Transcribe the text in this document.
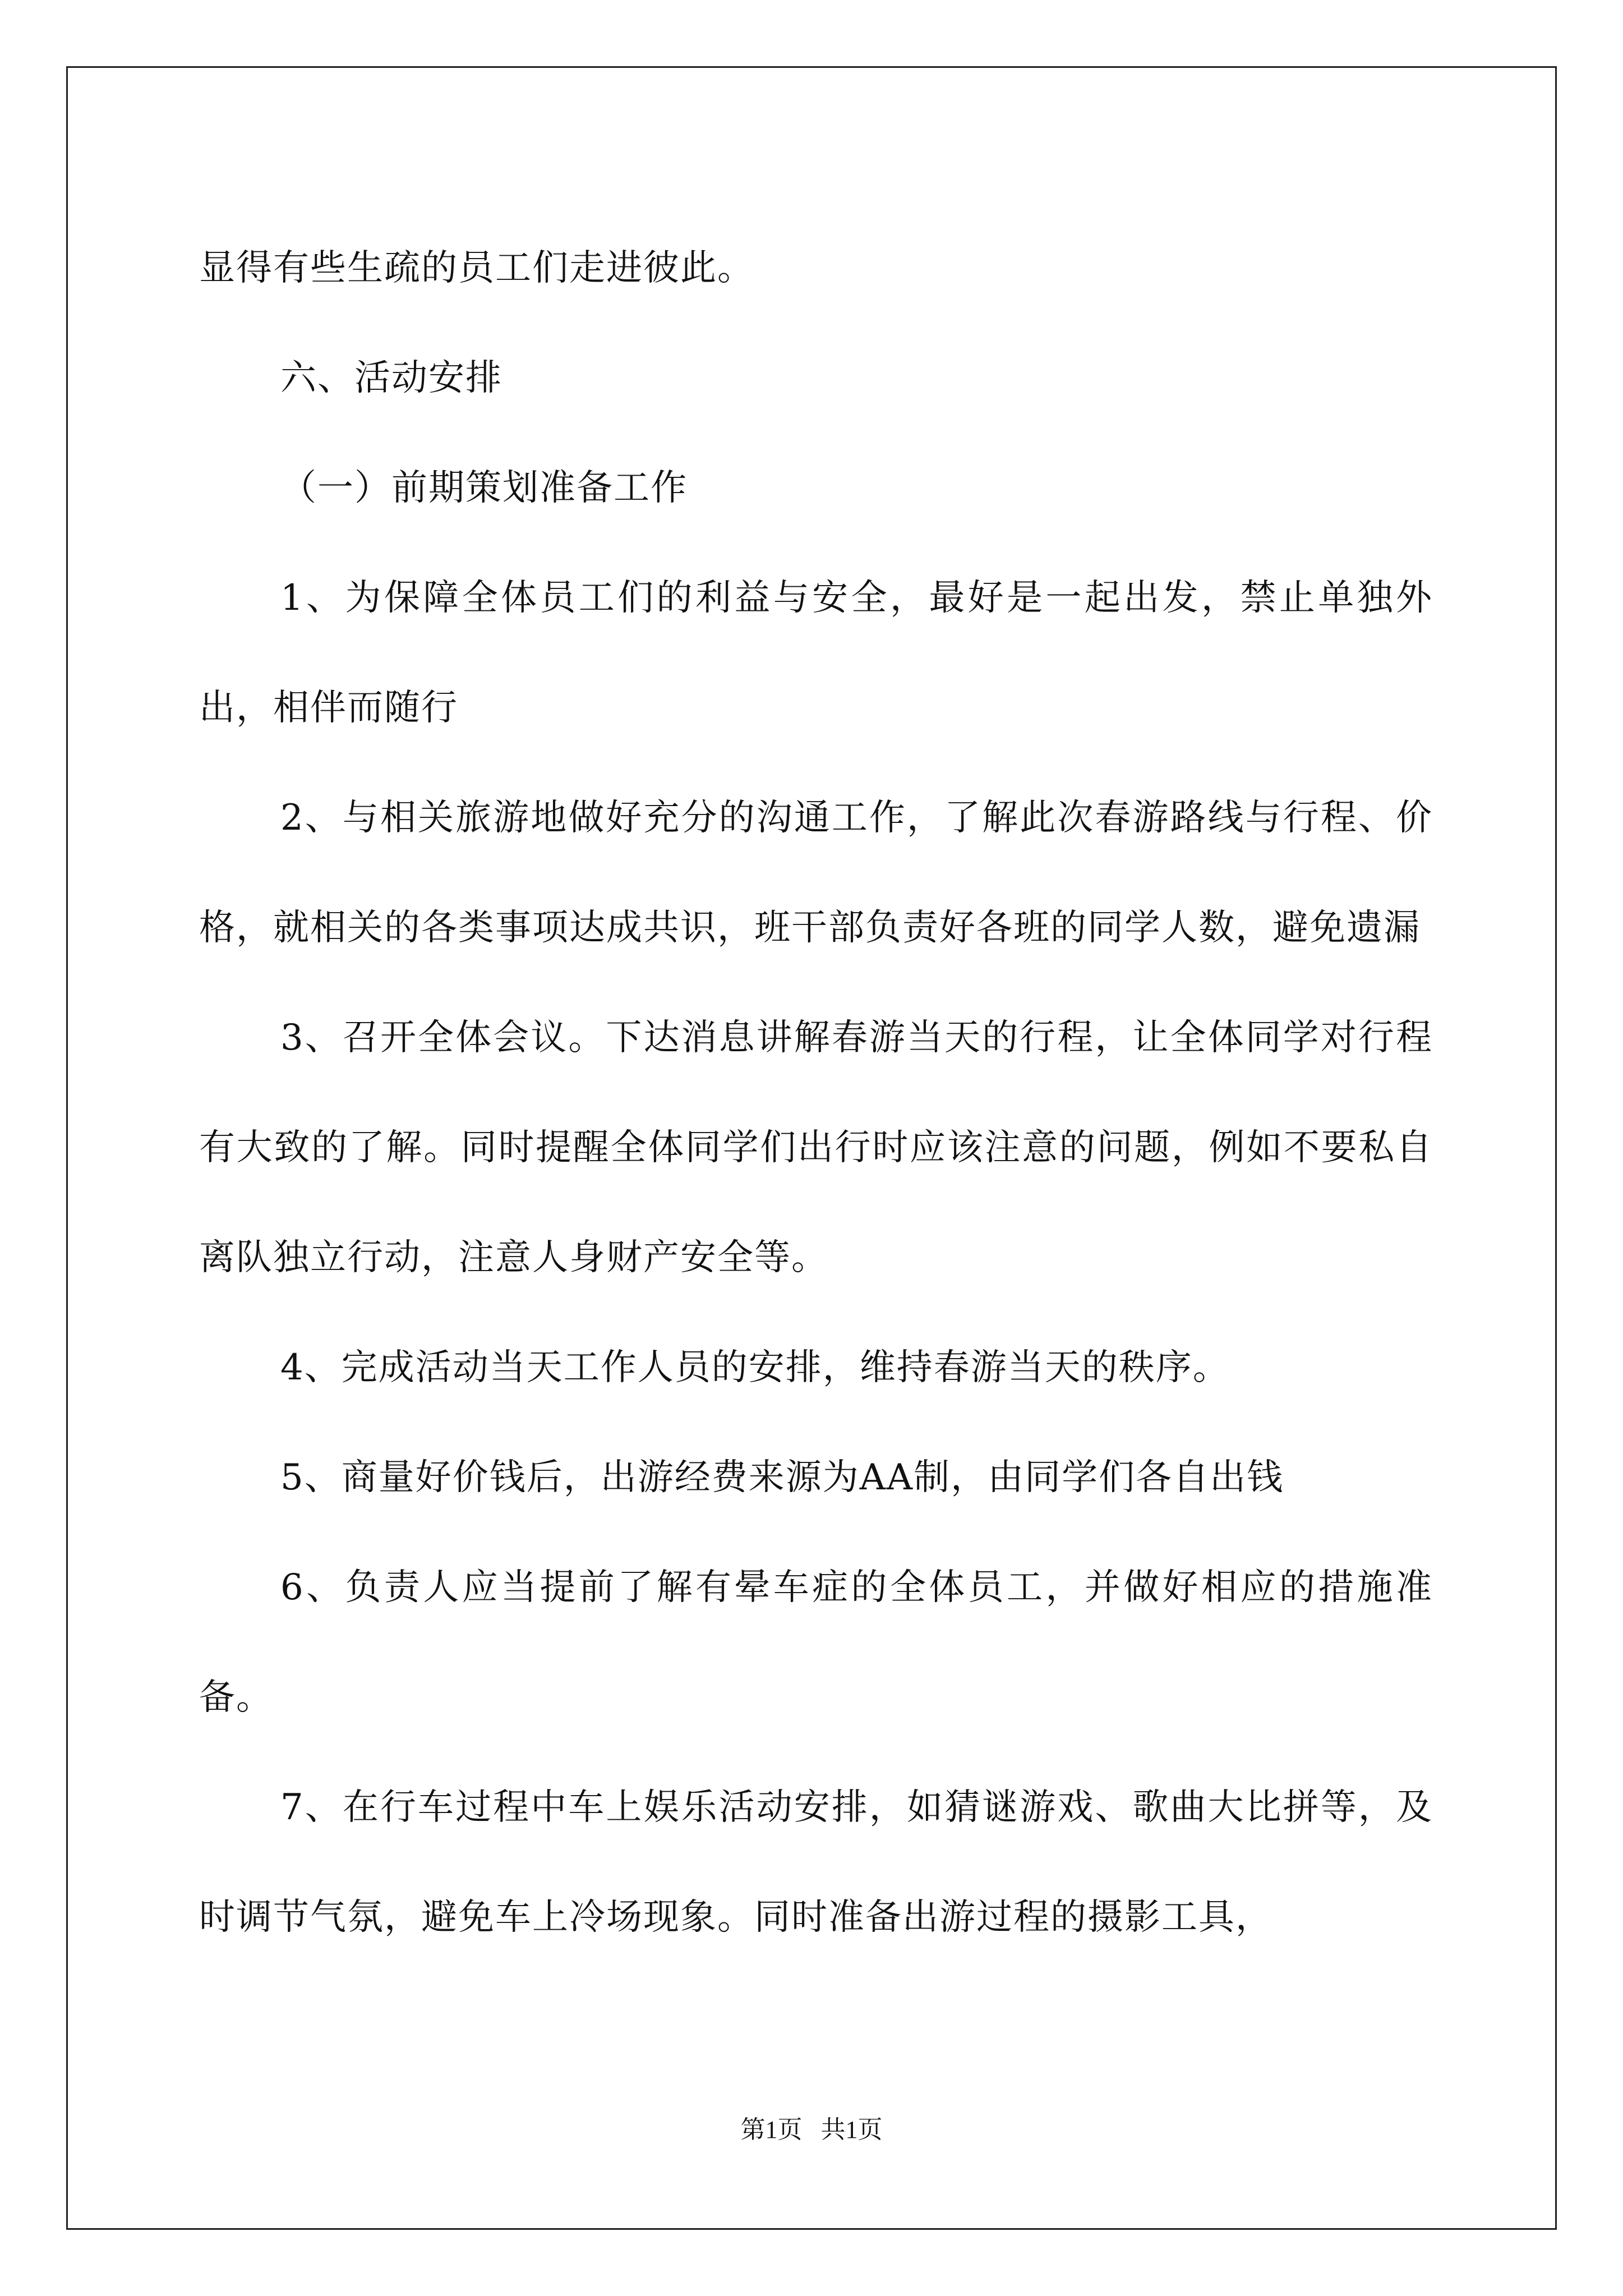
显得有些生疏的员工们走进彼此。

六、活动安排

（一）前期策划准备工作

1、为保障全体员工们的利益与安全，最好是一起出发，禁止单独外出，相伴而随行

2、与相关旅游地做好充分的沟通工作，了解此次春游路线与行程、价格，就相关的各类事项达成共识，班干部负责好各班的同学人数，避免遗漏

3、召开全体会议。下达消息讲解春游当天的行程，让全体同学对行程有大致的了解。同时提醒全体同学们出行时应该注意的问题，例如不要私自离队独立行动，注意人身财产安全等。

4、完成活动当天工作人员的安排，维持春游当天的秩序。

5、商量好价钱后，出游经费来源为AA制，由同学们各自出钱

6、负责人应当提前了解有晕车症的全体员工，并做好相应的措施准备。

7、在行车过程中车上娱乐活动安排，如猜谜游戏、歌曲大比拼等，及时调节气氛，避免车上冷场现象。同时准备出游过程的摄影工具，

第1页   共1页
